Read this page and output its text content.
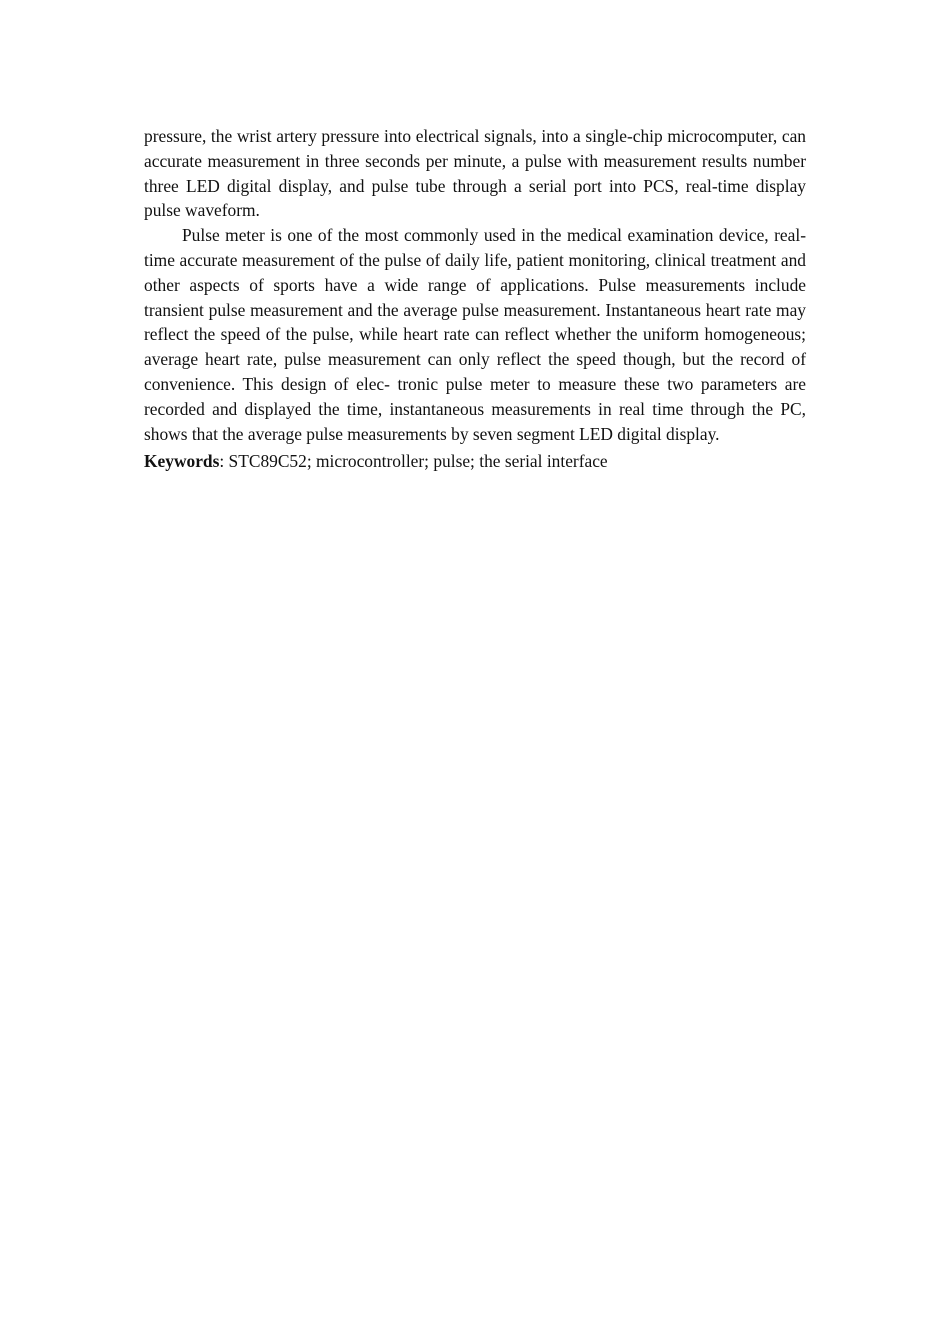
pressure, the wrist artery pressure into electrical signals, into a single-chip microcomputer, can accurate measurement in three seconds per minute, a pulse with measurement results number three LED digital display, and pulse tube through a serial port into PCS, real-time display pulse waveform.

Pulse meter is one of the most commonly used in the medical examination device, real-time accurate measurement of the pulse of daily life, patient monitoring, clinical treatment and other aspects of sports have a wide range of applications. Pulse measurements include transient pulse measurement and the average pulse measurement. Instantaneous heart rate may reflect the speed of the pulse, while heart rate can reflect whether the uniform homogeneous; average heart rate, pulse measurement can only reflect the speed though, but the record of convenience. This design of elec- tronic pulse meter to measure these two parameters are recorded and displayed the time, instantaneous measurements in real time through the PC, shows that the average pulse measurements by seven segment LED digital display.

Keywords: STC89C52; microcontroller; pulse; the serial interface
